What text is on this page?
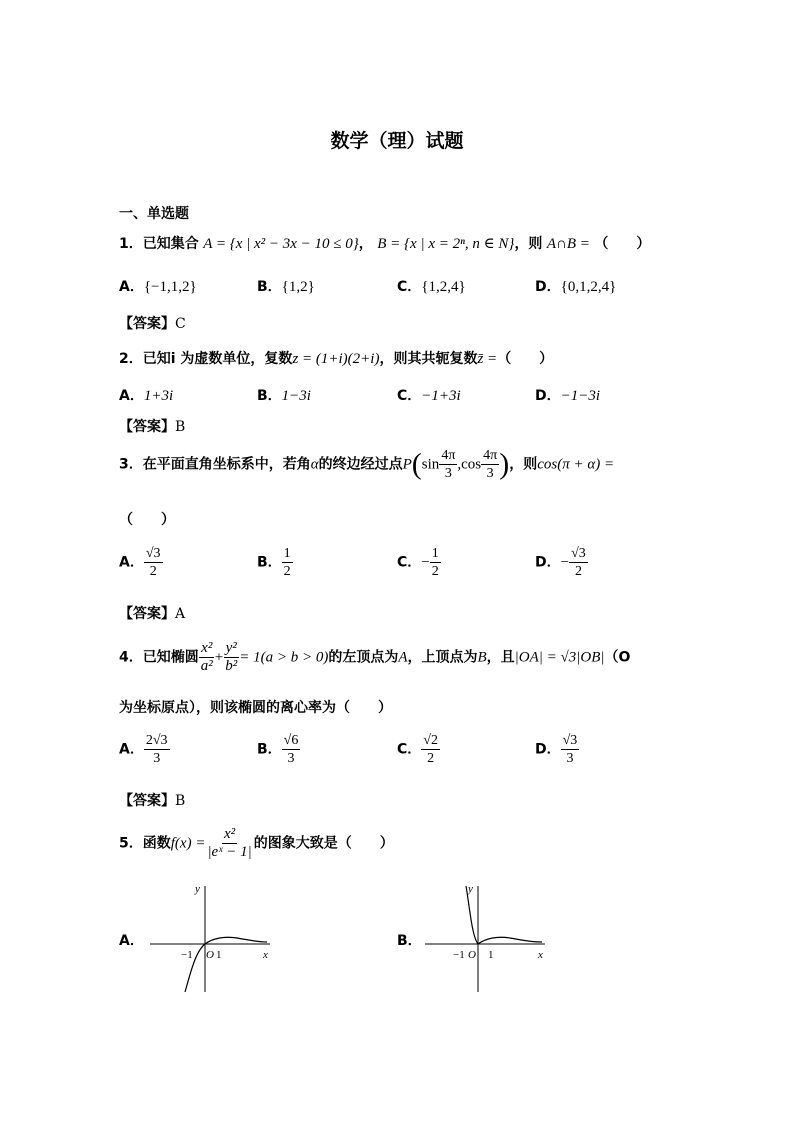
数学（理）试题
一、单选题
1．已知集合 A = {x | x² − 3x − 10 ≤ 0}， B = {x | x = 2ⁿ, n ∈ N}，则 A∩B = （　　）
A．{−1,1,2}	B．{1,2}	C．{1,2,4}	D．{0,1,2,4}
【答案】C
2．已知i 为虚数单位，复数z = (1+i)(2+i)，则其共轭复数z̄ =（　　）
A．1+3i	B．1−3i	C．−1+3i	D．−1−3i
【答案】B
3．在平面直角坐标系中，若角α的终边经过点$P(\sin \frac{4\pi}{3} ,\cos \frac{4\pi}{3}$ )，则cos(π + α) =
（　　）
A． $\frac{√3}{2}$	B． $\frac{1}{2}$	C．− $\frac{1}{2}$	D．− $\frac{√3}{2}$
【答案】A
4．已知椭圆 $\frac{\text{x²}}{\text{a²}} + \frac{\text{y²}}{\text{b²}} = 1(a > b > 0)$的左顶点为A，上顶点为B，且|OA| = √3|OB|（O
为坐标原点），则该椭圆的离心率为（　　）
A． $\frac{2√3}{3}$	B． $\frac{√6}{3}$	C． $\frac{√2}{2}$	D． $\frac{√3}{3}$
【答案】B
5．函数$f(x) = \frac{\text{x²}}{\text{|eˣ − 1|}}$ 的图象大致是（　　）
A．
y
x
O
−1 1
B．
y
x
O
−1 1
